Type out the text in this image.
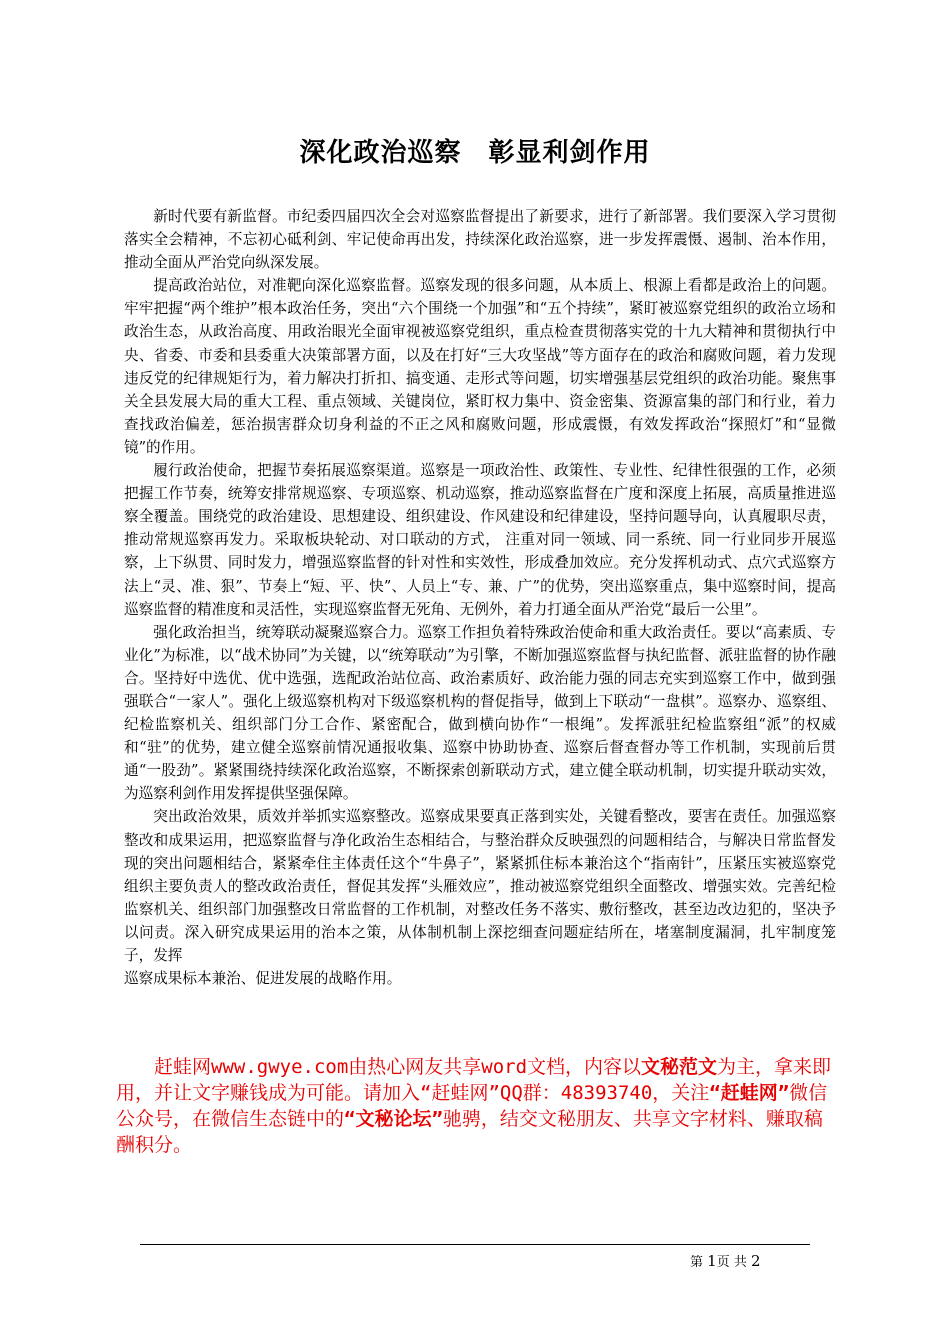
深化政治巡察　彰显利剑作用

新时代要有新监督。市纪委四届四次全会对巡察监督提出了新要求，进行了新部署。我们要深入学习贯彻落实全会精神，不忘初心砥利剑、牢记使命再出发，持续深化政治巡察，进一步发挥震慑、遏制、治本作用，推动全面从严治党向纵深发展。

提高政治站位，对准靶向深化巡察监督。巡察发现的很多问题，从本质上、根源上看都是政治上的问题。牢牢把握“两个维护”根本政治任务，突出“六个围绕一个加强”和“五个持续”，紧盯被巡察党组织的政治立场和政治生态，从政治高度、用政治眼光全面审视被巡察党组织，重点检查贯彻落实党的十九大精神和贯彻执行中央、省委、市委和县委重大决策部署方面，以及在打好“三大攻坚战”等方面存在的政治和腐败问题，着力发现违反党的纪律规矩行为，着力解决打折扣、搞变通、走形式等问题，切实增强基层党组织的政治功能。聚焦事关全县发展大局的重大工程、重点领域、关键岗位，紧盯权力集中、资金密集、资源富集的部门和行业，着力查找政治偏差，惩治损害群众切身利益的不正之风和腐败问题，形成震慑，有效发挥政治“探照灯”和“显微镜”的作用。

履行政治使命，把握节奏拓展巡察渠道。巡察是一项政治性、政策性、专业性、纪律性很强的工作，必须把握工作节奏，统筹安排常规巡察、专项巡察、机动巡察，推动巡察监督在广度和深度上拓展，高质量推进巡察全覆盖。围绕党的政治建设、思想建设、组织建设、作风建设和纪律建设，坚持问题导向，认真履职尽责，推动常规巡察再发力。采取板块轮动、对口联动的方式， 注重对同一领域、同一系统、同一行业同步开展巡察，上下纵贯、同时发力，增强巡察监督的针对性和实效性，形成叠加效应。充分发挥机动式、点穴式巡察方法上“灵、准、狠”、节奏上“短、平、快”、人员上“专、兼、广”的优势，突出巡察重点，集中巡察时间，提高巡察监督的精准度和灵活性，实现巡察监督无死角、无例外，着力打通全面从严治党“最后一公里”。

强化政治担当，统筹联动凝聚巡察合力。巡察工作担负着特殊政治使命和重大政治责任。要以“高素质、专业化”为标准，以“战术协同”为关键，以“统筹联动”为引擎，不断加强巡察监督与执纪监督、派驻监督的协作融合。坚持好中选优、优中选强，选配政治站位高、政治素质好、政治能力强的同志充实到巡察工作中，做到强强联合“一家人”。强化上级巡察机构对下级巡察机构的督促指导，做到上下联动“一盘棋”。巡察办、巡察组、纪检监察机关、组织部门分工合作、紧密配合，做到横向协作“一根绳”。发挥派驻纪检监察组“派”的权威和“驻”的优势，建立健全巡察前情况通报收集、巡察中协助协查、巡察后督查督办等工作机制，实现前后贯通“一股劲”。紧紧围绕持续深化政治巡察，不断探索创新联动方式，建立健全联动机制，切实提升联动实效，为巡察利剑作用发挥提供坚强保障。

突出政治效果，质效并举抓实巡察整改。巡察成果要真正落到实处，关键看整改，要害在责任。加强巡察整改和成果运用，把巡察监督与净化政治生态相结合，与整治群众反映强烈的问题相结合，与解决日常监督发现的突出问题相结合，紧紧牵住主体责任这个“牛鼻子”，紧紧抓住标本兼治这个“指南针”，压紧压实被巡察党组织主要负责人的整改政治责任，督促其发挥“头雁效应”，推动被巡察党组织全面整改、增强实效。完善纪检监察机关、组织部门加强整改日常监督的工作机制，对整改任务不落实、敷衍整改，甚至边改边犯的，坚决予以问责。深入研究成果运用的治本之策，从体制机制上深挖细查问题症结所在，堵塞制度漏洞，扎牢制度笼子，发挥

巡察成果标本兼治、促进发展的战略作用。

赶蛙网www.gwye.com由热心网友共享word文档，内容以文秘范文为主，拿来即用，并让文字赚钱成为可能。请加入“赶蛙网”QQ群：48393740，关注“赶蛙网”微信公众号，在微信生态链中的“文秘论坛”驰骋，结交文秘朋友、共享文字材料、赚取稿酬积分。
第 1页 共 2
